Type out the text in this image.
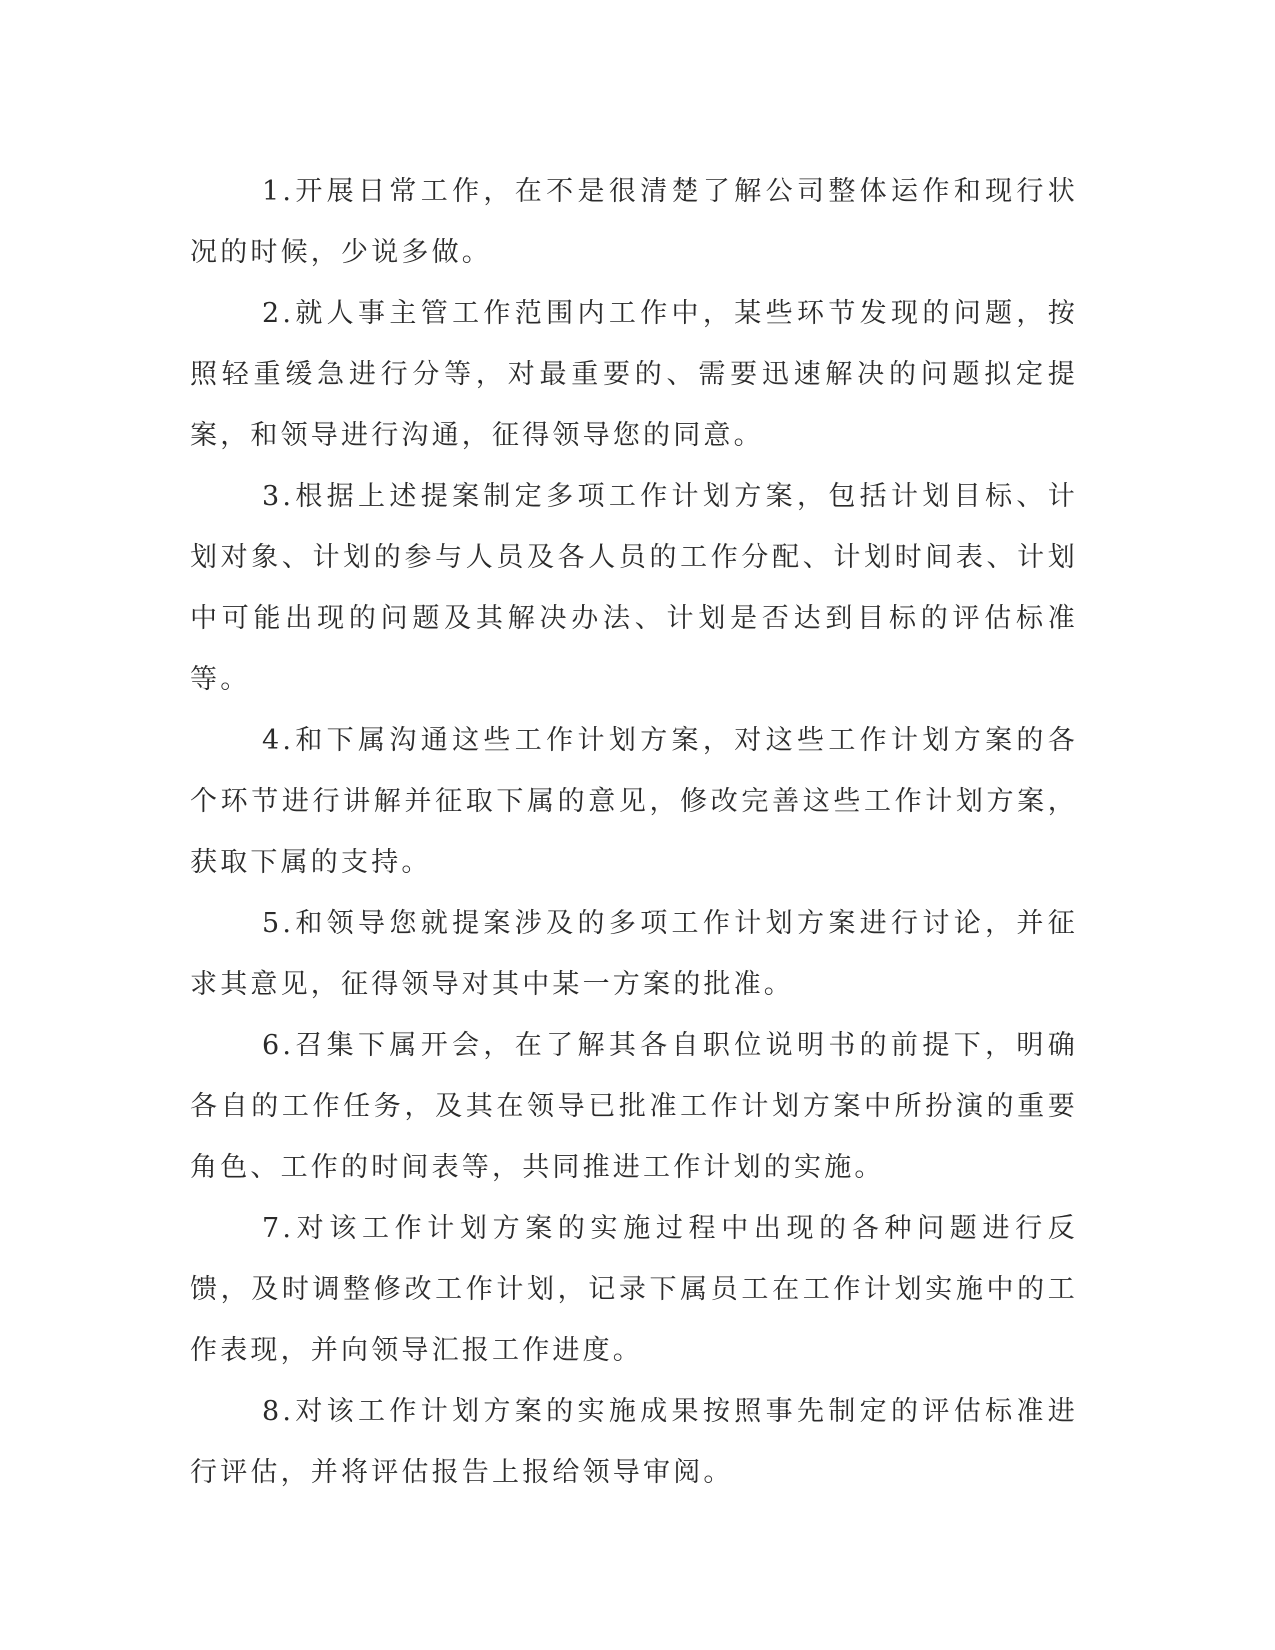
1.开展日常工作，在不是很清楚了解公司整体运作和现行状况的时候，少说多做。

2.就人事主管工作范围内工作中，某些环节发现的问题，按照轻重缓急进行分等，对最重要的、需要迅速解决的问题拟定提案，和领导进行沟通，征得领导您的同意。

3.根据上述提案制定多项工作计划方案，包括计划目标、计划对象、计划的参与人员及各人员的工作分配、计划时间表、计划中可能出现的问题及其解决办法、计划是否达到目标的评估标准等。

4.和下属沟通这些工作计划方案，对这些工作计划方案的各个环节进行讲解并征取下属的意见，修改完善这些工作计划方案，获取下属的支持。

5.和领导您就提案涉及的多项工作计划方案进行讨论，并征求其意见，征得领导对其中某一方案的批准。

6.召集下属开会，在了解其各自职位说明书的前提下，明确各自的工作任务，及其在领导已批准工作计划方案中所扮演的重要角色、工作的时间表等，共同推进工作计划的实施。

7.对该工作计划方案的实施过程中出现的各种问题进行反馈，及时调整修改工作计划，记录下属员工在工作计划实施中的工作表现，并向领导汇报工作进度。

8.对该工作计划方案的实施成果按照事先制定的评估标准进行评估，并将评估报告上报给领导审阅。
